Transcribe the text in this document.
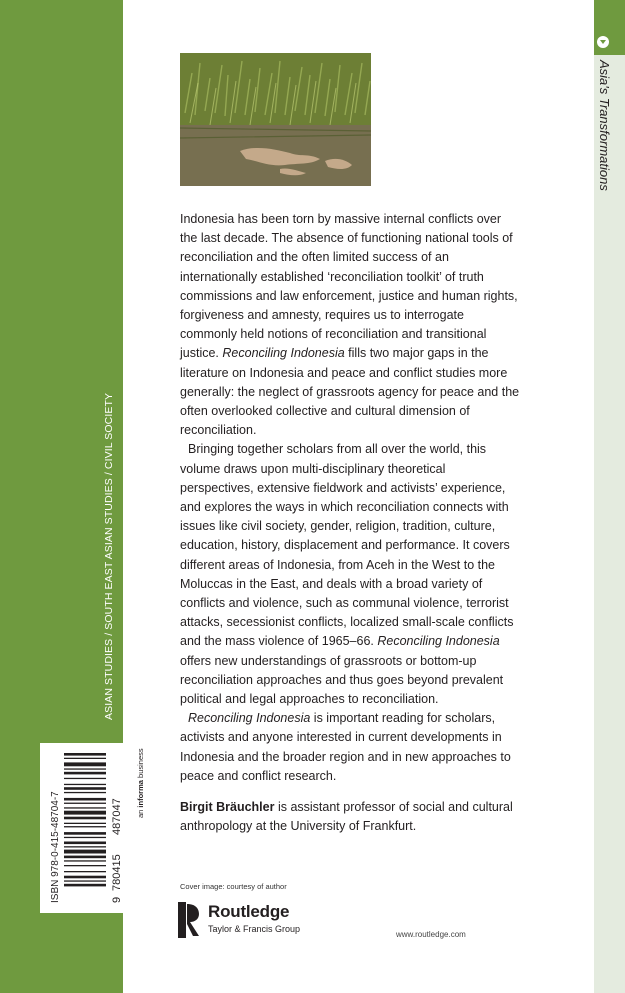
Asia's Transformations
ASIAN STUDIES / SOUTH EAST ASIAN STUDIES / CIVIL SOCIETY

Indonesia has been torn by massive internal conflicts over the last decade. The absence of functioning national tools of reconciliation and the often limited success of an internationally established ‘reconciliation toolkit’ of truth commissions and law enforcement, justice and human rights, forgiveness and amnesty, requires us to interrogate commonly held notions of reconciliation and transitional justice. Reconciling Indonesia fills two major gaps in the literature on Indonesia and peace and conflict studies more generally: the neglect of grassroots agency for peace and the often overlooked collective and cultural dimension of reconciliation.

Bringing together scholars from all over the world, this volume draws upon multi-disciplinary theoretical perspectives, extensive fieldwork and activists’ experience, and explores the ways in which reconciliation connects with issues like civil society, gender, religion, tradition, culture, education, history, displacement and performance. It covers different areas of Indonesia, from Aceh in the West to the Moluccas in the East, and deals with a broad variety of conflicts and violence, such as communal violence, terrorist attacks, secessionist conflicts, localized small-scale conflicts and the mass violence of 1965–66. Reconciling Indonesia offers new understandings of grassroots or bottom-up reconciliation approaches and thus goes beyond prevalent political and legal approaches to reconciliation.

Reconciling Indonesia is important reading for scholars, activists and anyone interested in current developments in Indonesia and the broader region and in new approaches to peace and conflict research.

Birgit Bräuchler is assistant professor of social and cultural anthropology at the University of Frankfurt.
Cover image: courtesy of author
Routledge
Taylor & Francis Group
www.routledge.com
ISBN 978-0-415-48704-7	9
780415
487047 an informa business
